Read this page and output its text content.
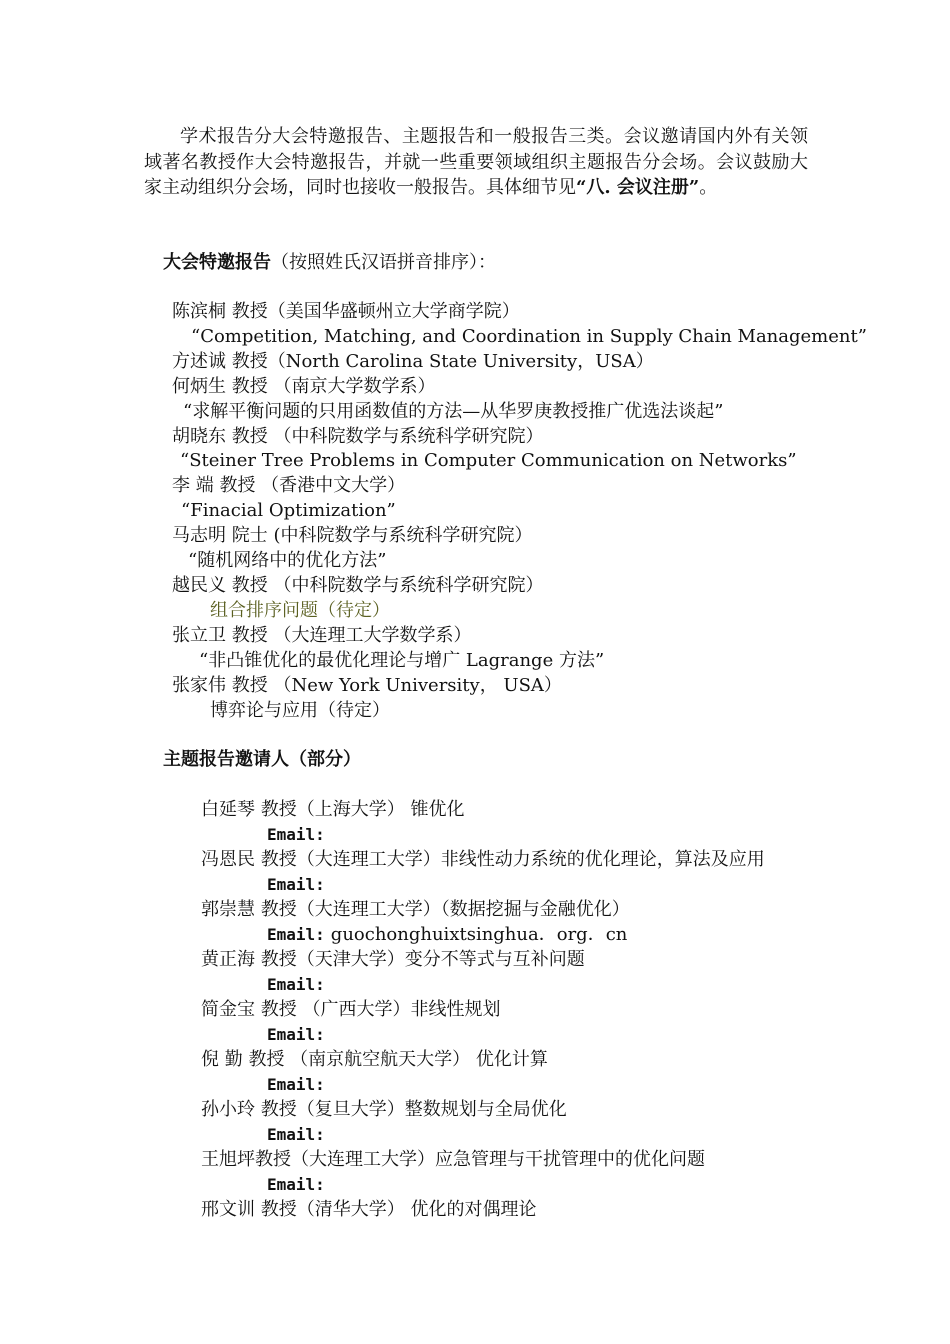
学术报告分大会特邀报告、主题报告和一般报告三类。会议邀请国内外有关领域著名教授作大会特邀报告，并就一些重要领域组织主题报告分会场。会议鼓励大家主动组织分会场，同时也接收一般报告。具体细节见“八. 会议注册”。

大会特邀报告（按照姓氏汉语拼音排序）：

陈滨桐 教授（美国华盛顿州立大学商学院）

“Competition, Matching, and Coordination in Supply Chain Management”

方述诚 教授（North Carolina State University，USA）

何炳生 教授 （南京大学数学系）

“求解平衡问题的只用函数值的方法—从华罗庚教授推广优选法谈起”

胡晓东 教授 （中科院数学与系统科学研究院）

“Steiner Tree Problems in Computer Communication on Networks”

李 端 教授 （香港中文大学）

“Finacial Optimization”

马志明 院士 (中科院数学与系统科学研究院）

“随机网络中的优化方法”

越民义 教授 （中科院数学与系统科学研究院）

组合排序问题（待定）

张立卫 教授 （大连理工大学数学系）

“非凸锥优化的最优化理论与增广 Lagrange 方法”

张家伟 教授 （New York University， USA）

博弈论与应用（待定）

主题报告邀请人（部分）

白延琴 教授（上海大学） 锥优化

Email:

冯恩民 教授（大连理工大学）非线性动力系统的优化理论，算法及应用

Email:

郭崇慧 教授（大连理工大学）（数据挖掘与金融优化）

Email: guochonghuixtsinghua．org．cn

黄正海 教授（天津大学）变分不等式与互补问题

Email:

简金宝 教授 （广西大学）非线性规划

Email:

倪 勤 教授 （南京航空航天大学） 优化计算

Email:

孙小玲 教授（复旦大学）整数规划与全局优化

Email:

王旭坪教授（大连理工大学）应急管理与干扰管理中的优化问题

Email:

邢文训 教授（清华大学） 优化的对偶理论
